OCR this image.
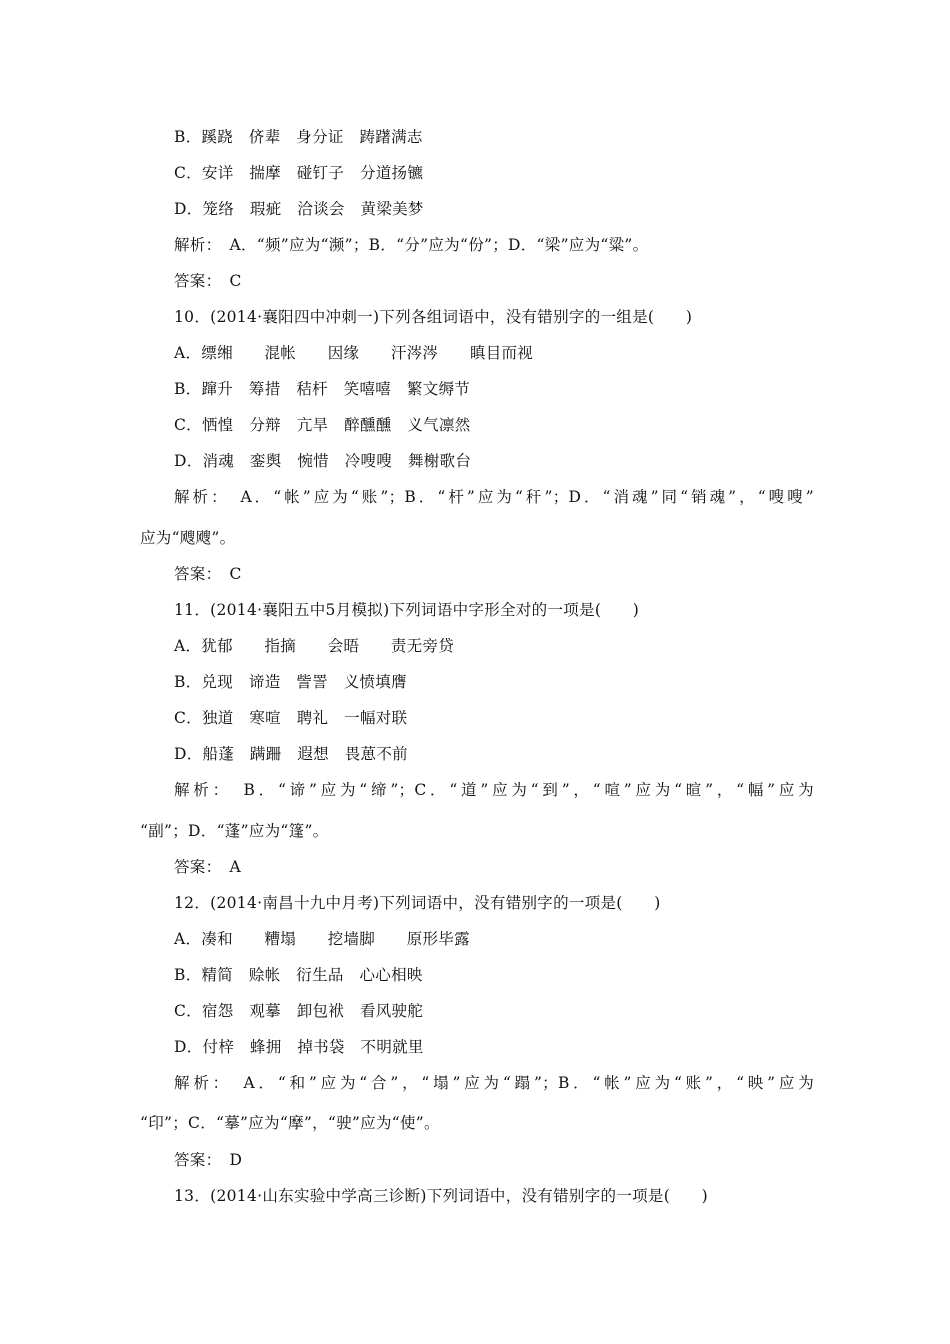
B．蹊跷　侪辈　身分证　踌躇满志
C．安详　揣摩　碰钉子　分道扬镳
D．笼络　瑕疵　洽谈会　黄梁美梦
解析：　A．“频”应为“濒”；B．“分”应为“份”；D．“梁”应为“粱”。
答案：　C
10．(2014·襄阳四中冲刺一)下列各组词语中，没有错别字的一组是(　　)
A．缥缃　　混帐　　因缘　　汗涔涔　　瞋目而视
B．蹿升　筹措　秸杆　笑嘻嘻　繁文缛节
C．恓惶　分辩　亢旱　醉醺醺　义气凛然
D．消魂　銮舆　惋惜　冷嗖嗖　舞榭歌台
解析：　A．“帐”应为“账”；B．“杆”应为“秆”；D．“消魂”同“销魂”，“嗖嗖”
应为“飕飕”。
答案：　C
11．(2014·襄阳五中5月模拟)下列词语中字形全对的一项是(　　)
A．犹郁　　指摘　　会晤　　责无旁贷
B．兑现　谛造　訾詈　义愤填膺
C．独道　寒喧　聘礼　一幅对联
D．船蓬　蹒跚　遐想　畏葸不前
解析：　B．“谛”应为“缔”；C．“道”应为“到”，“喧”应为“暄”，“幅”应为
“副”；D．“蓬”应为“篷”。
答案：　A
12．(2014·南昌十九中月考)下列词语中，没有错别字的一项是(　　)
A．凑和　　糟塌　　挖墙脚　　原形毕露
B．精简　赊帐　衍生品　心心相映
C．宿怨　观摹　卸包袱　看风驶舵
D．付梓　蜂拥　掉书袋　不明就里
解析：　A．“和”应为“合”，“塌”应为“蹋”；B．“帐”应为“账”，“映”应为
“印”；C．“摹”应为“摩”，“驶”应为“使”。
答案：　D
13．(2014·山东实验中学高三诊断)下列词语中，没有错别字的一项是(　　)
